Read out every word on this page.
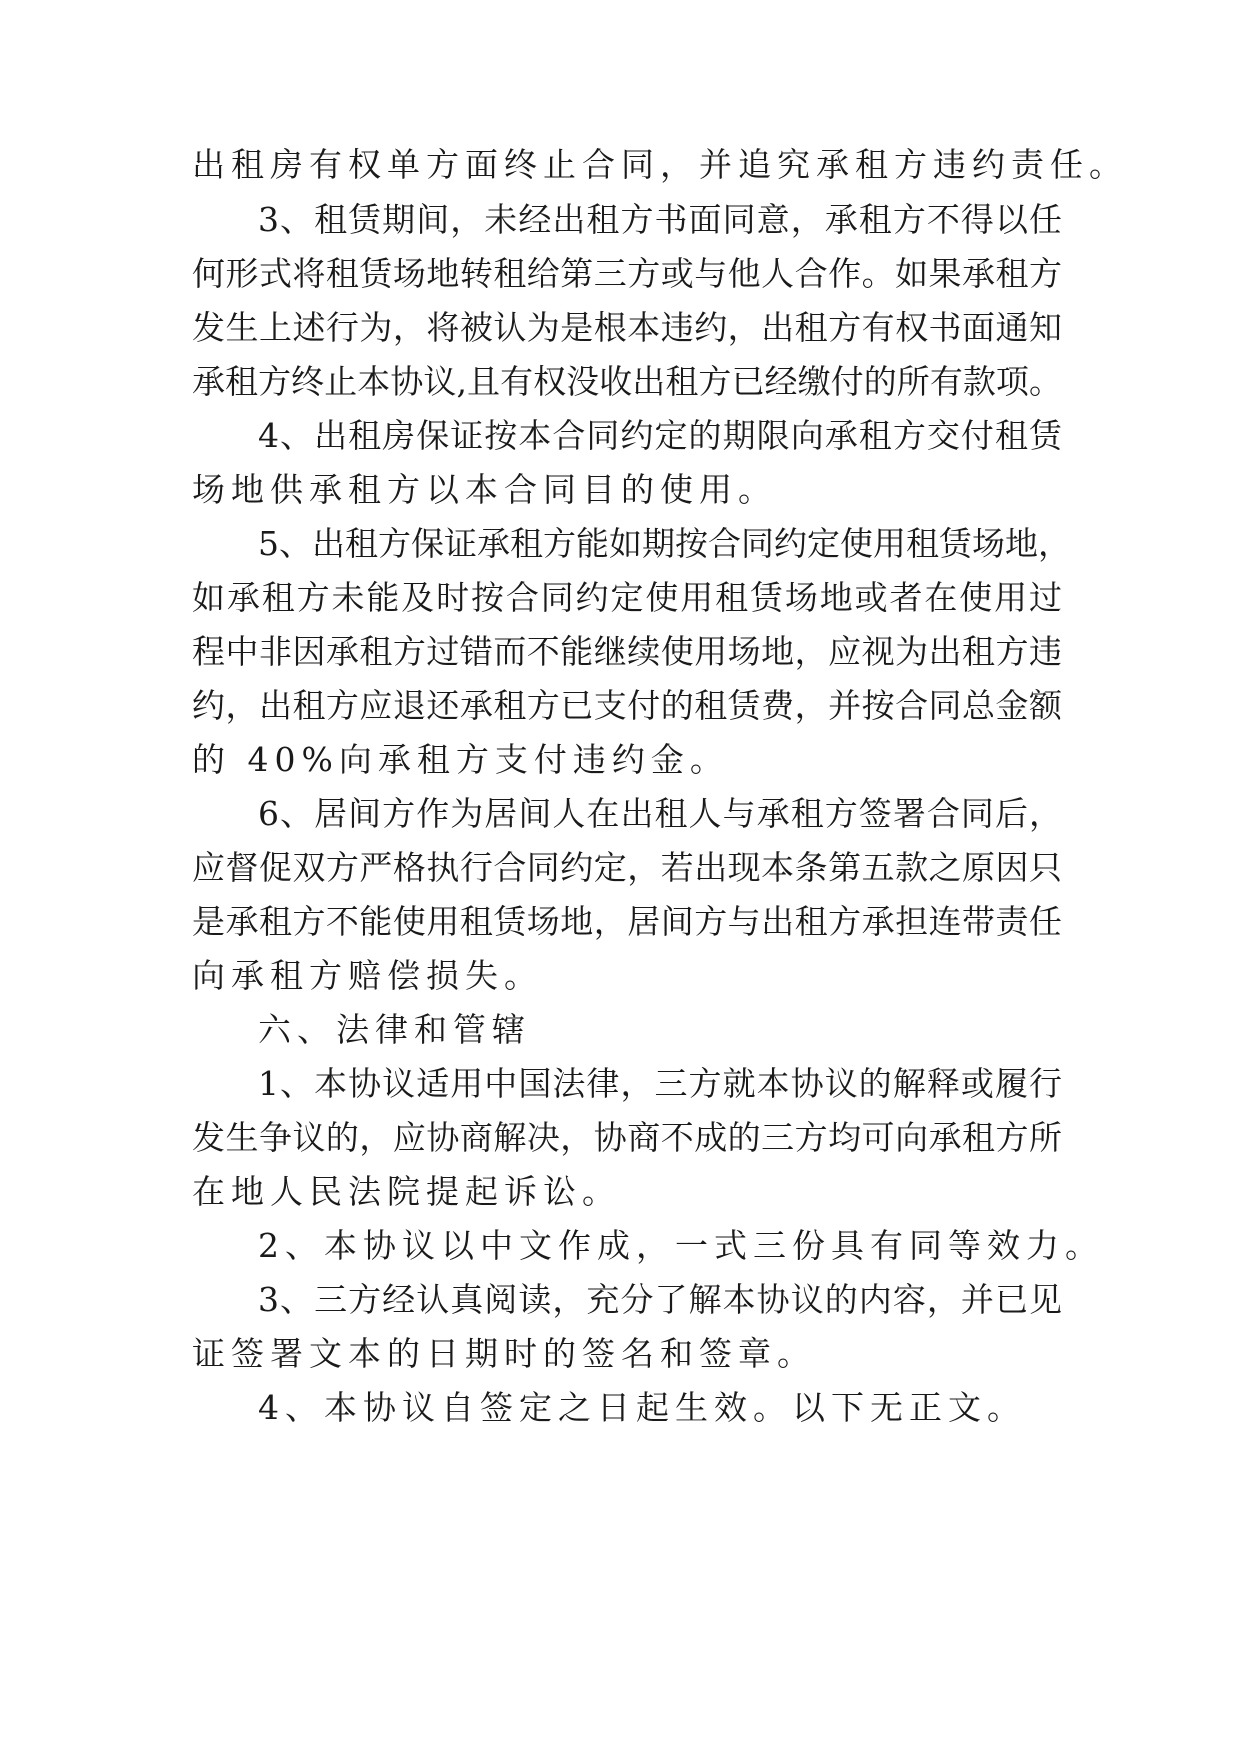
出租房有权单方面终止合同，并追究承租方违约责任。
3、租赁期间，未经出租方书面同意，承租方不得以任
何形式将租赁场地转租给第三方或与他人合作。如果承租方
发生上述行为，将被认为是根本违约，出租方有权书面通知
承租方终止本协议,且有权没收出租方已经缴付的所有款项。
4、出租房保证按本合同约定的期限向承租方交付租赁
场地供承租方以本合同目的使用。
5、出租方保证承租方能如期按合同约定使用租赁场地，
如承租方未能及时按合同约定使用租赁场地或者在使用过
程中非因承租方过错而不能继续使用场地，应视为出租方违
约，出租方应退还承租方已支付的租赁费，并按合同总金额
的 40%向承租方支付违约金。
6、居间方作为居间人在出租人与承租方签署合同后，
应督促双方严格执行合同约定，若出现本条第五款之原因只
是承租方不能使用租赁场地，居间方与出租方承担连带责任
向承租方赔偿损失。
六、法律和管辖
1、本协议适用中国法律，三方就本协议的解释或履行
发生争议的，应协商解决，协商不成的三方均可向承租方所
在地人民法院提起诉讼。
2、本协议以中文作成，一式三份具有同等效力。
3、三方经认真阅读，充分了解本协议的内容，并已见
证签署文本的日期时的签名和签章。
4、本协议自签定之日起生效。以下无正文。
